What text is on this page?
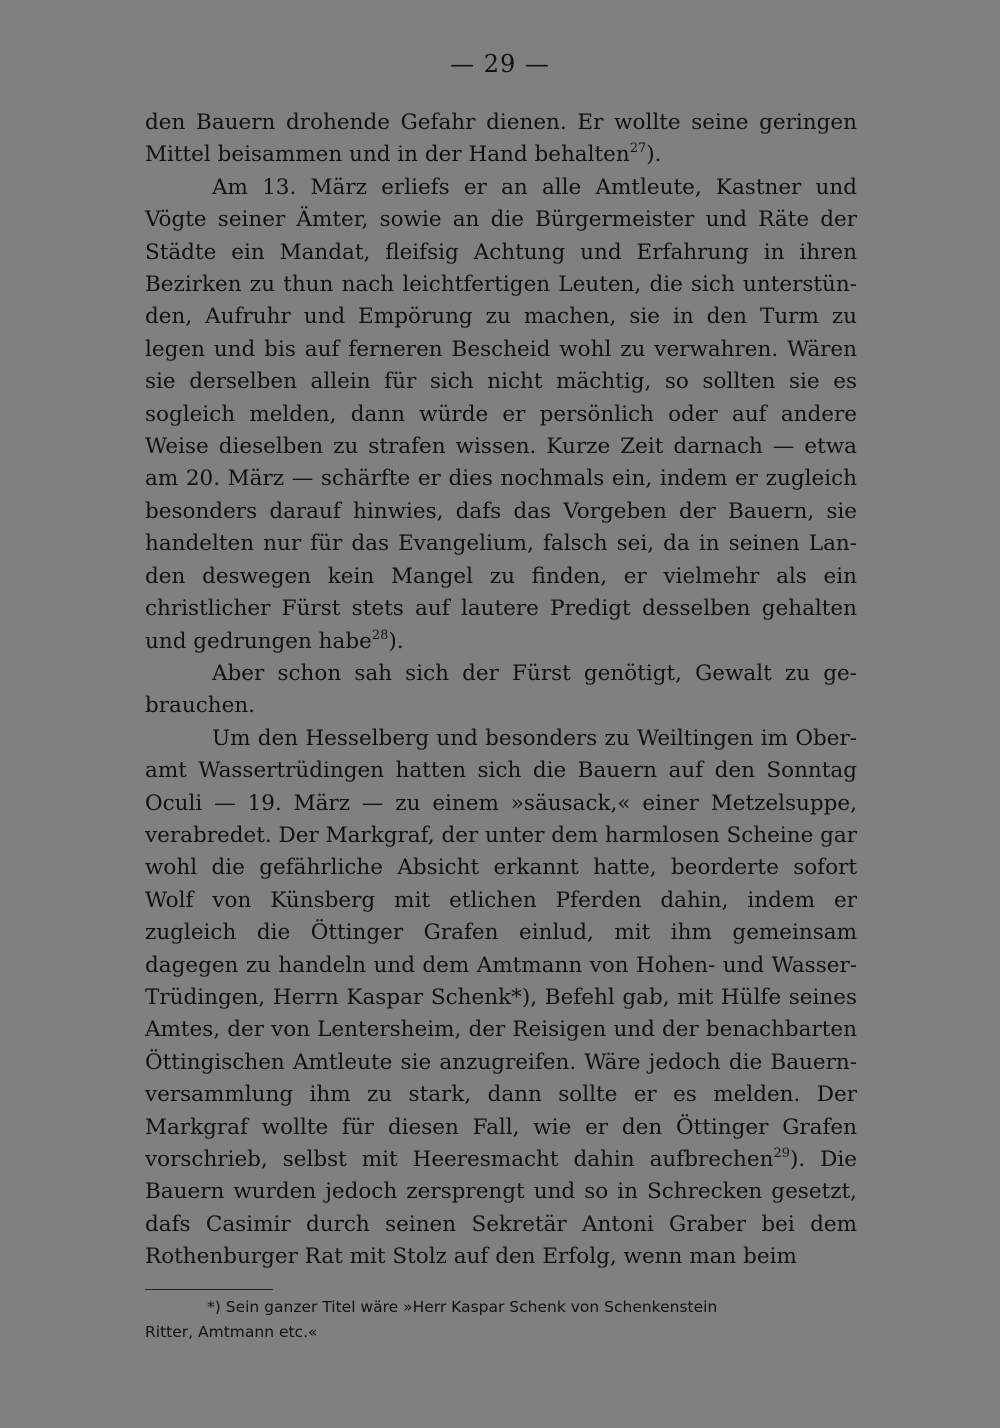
— 29 —

den Bauern drohende Gefahr dienen. Er wollte seine geringen Mittel beisammen und in der Hand behalten$^{27}$).

Am 13. März erliefs er an alle Amtleute, Kastner und Vögte seiner Ämter, sowie an die Bürgermeister und Räte der Städte ein Mandat, fleifsig Achtung und Erfahrung in ihren Bezirken zu thun nach leichtfertigen Leuten, die sich unterstünden, Aufruhr und Empörung zu machen, sie in den Turm zu legen und bis auf ferneren Bescheid wohl zu verwahren. Wären sie derselben allein für sich nicht mächtig, so sollten sie es sogleich melden, dann würde er persönlich oder auf andere Weise dieselben zu strafen wissen. Kurze Zeit darnach — etwa am 20. März — schärfte er dies nochmals ein, indem er zugleich besonders darauf hinwies, dafs das Vorgeben der Bauern, sie handelten nur für das Evangelium, falsch sei, da in seinen Landen deswegen kein Mangel zu finden, er vielmehr als ein christlicher Fürst stets auf lautere Predigt desselben gehalten und gedrungen habe$^{28}$).

Aber schon sah sich der Fürst genötigt, Gewalt zu gebrauchen.

Um den Hesselberg und besonders zu Weiltingen im Oberamt Wassertrüdingen hatten sich die Bauern auf den Sonntag Oculi — 19. März — zu einem »säusack,« einer Metzelsuppe, verabredet. Der Markgraf, der unter dem harmlosen Scheine gar wohl die gefährliche Absicht erkannt hatte, beorderte sofort Wolf von Künsberg mit etlichen Pferden dahin, indem er zugleich die Öttinger Grafen einlud, mit ihm gemeinsam dagegen zu handeln und dem Amtmann von Hohen- und Wasser-Trüdingen, Herrn Kaspar Schenk*), Befehl gab, mit Hülfe seines Amtes, der von Lentersheim, der Reisigen und der benachbarten Öttingischen Amtleute sie anzugreifen. Wäre jedoch die Bauernversammlung ihm zu stark, dann sollte er es melden. Der Markgraf wollte für diesen Fall, wie er den Öttinger Grafen vorschrieb, selbst mit Heeresmacht dahin aufbrechen$^{29}$). Die Bauern wurden jedoch zersprengt und so in Schrecken gesetzt, dafs Casimir durch seinen Sekretär Antoni Graber bei dem Rothenburger Rat mit Stolz auf den Erfolg, wenn man beim

*) Sein ganzer Titel wäre »Herr Kaspar Schenk von Schenkenstein
Ritter, Amtmann etc.«
